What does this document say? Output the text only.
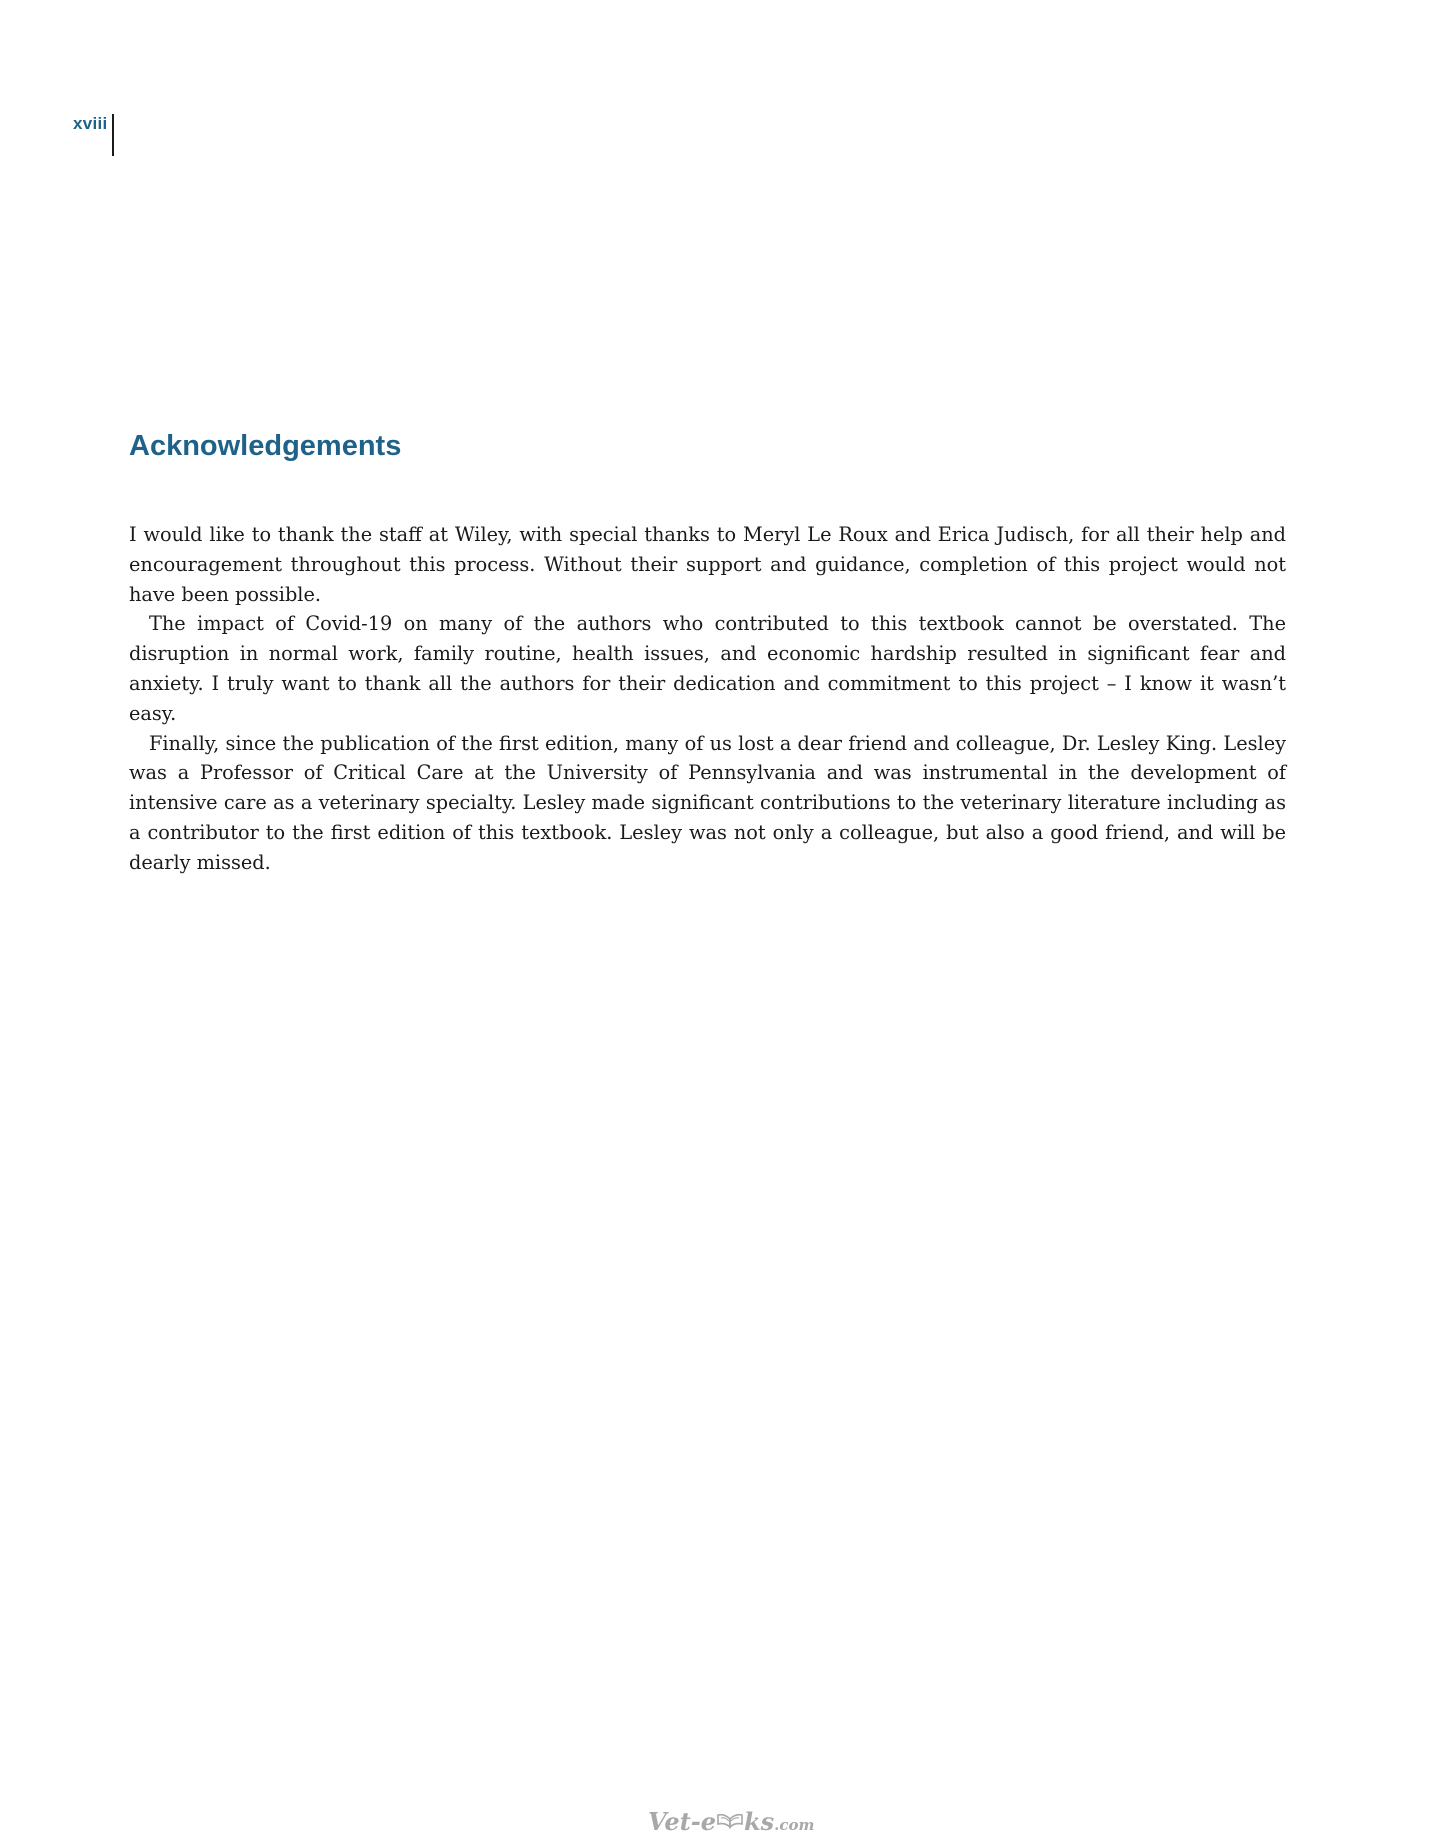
xviii
Acknowledgements

I would like to thank the staff at Wiley, with special thanks to Meryl Le Roux and Erica Judisch, for all their help and encouragement throughout this process. Without their support and guidance, completion of this project would not have been possible.

The impact of Covid-19 on many of the authors who contributed to this textbook cannot be overstated. The disruption in normal work, family routine, health issues, and economic hardship resulted in significant fear and anxiety. I truly want to thank all the authors for their dedication and commitment to this project – I know it wasn’t easy.

Finally, since the publication of the first edition, many of us lost a dear friend and colleague, Dr. Lesley King. Lesley was a Professor of Critical Care at the University of Pennsylvania and was instrumental in the development of intensive care as a veterinary specialty. Lesley made significant contributions to the veterinary literature including as a contributor to the first edition of this textbook. Lesley was not only a colleague, but also a good friend, and will be dearly missed.

Vet-e ks .com
